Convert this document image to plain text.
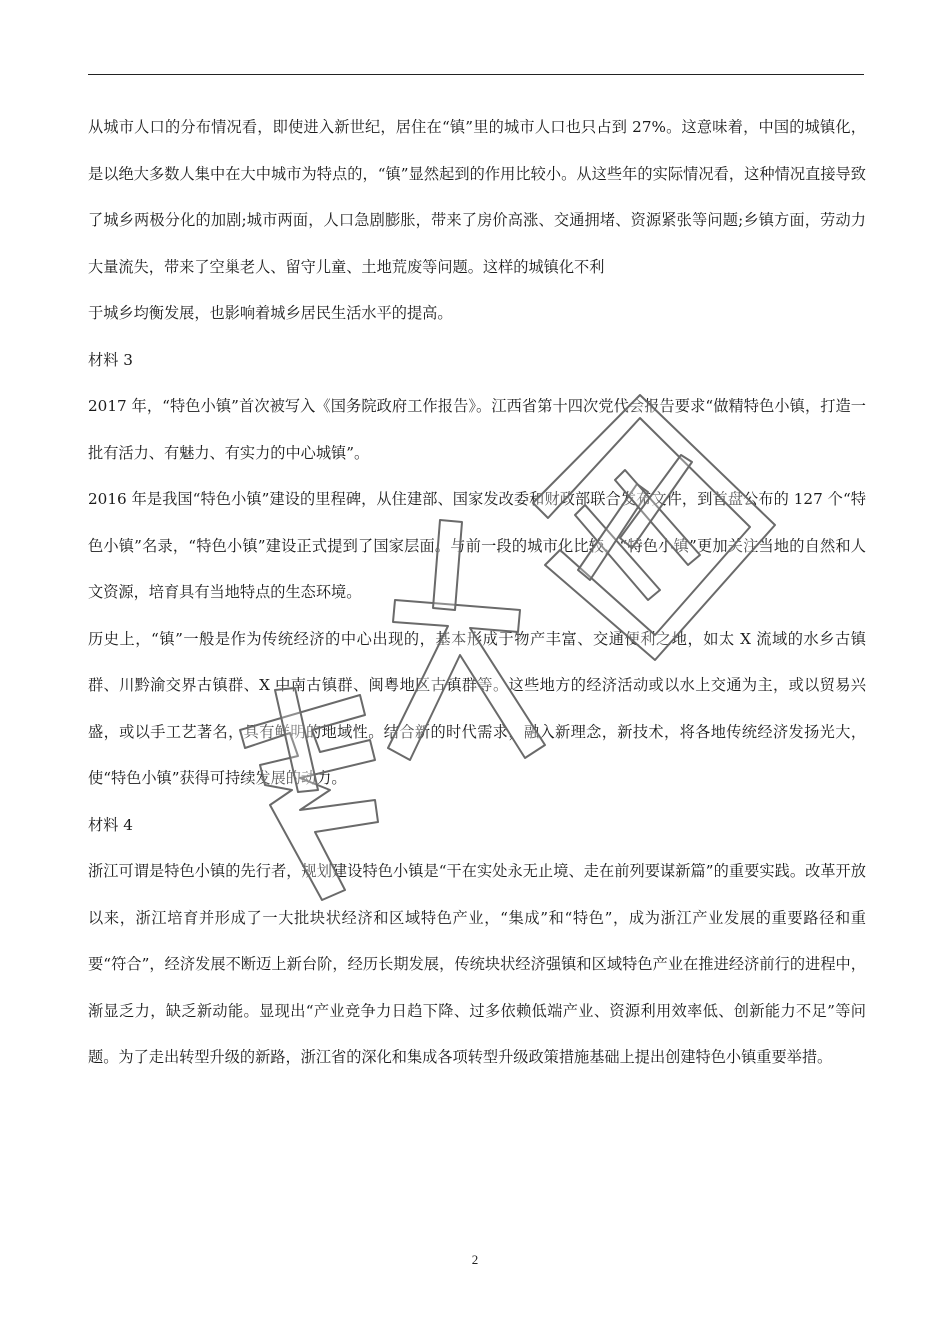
从城市人口的分布情况看，即使进入新世纪，居住在“镇”里的城市人口也只占到 27%。这意味着，中国的城镇化，是以绝大多数人集中在大中城市为特点的，“镇”显然起到的作用比较小。从这些年的实际情况看，这种情况直接导致了城乡两极分化的加剧;城市两面，人口急剧膨胀，带来了房价高涨、交通拥堵、资源紧张等问题;乡镇方面，劳动力大量流失，带来了空巢老人、留守儿童、土地荒废等问题。这样的城镇化不利

于城乡均衡发展，也影响着城乡居民生活水平的提高。

材料 3

2017 年，“特色小镇”首次被写入《国务院政府工作报告》。江西省第十四次党代会报告要求“做精特色小镇，打造一批有活力、有魅力、有实力的中心城镇”。

2016 年是我国“特色小镇”建设的里程碑，从住建部、国家发改委和财政部联合发布文件，到首盘公布的 127 个“特色小镇”名录，“特色小镇”建设正式提到了国家层面。与前一段的城市化比较，“特色小镇”更加关注当地的自然和人文资源，培育具有当地特点的生态环境。

历史上，“镇”一般是作为传统经济的中心出现的，基本形成于物产丰富、交通便利之地，如太 X 流域的水乡古镇群、川黔渝交界古镇群、X 中南古镇群、闽粤地区古镇群等。这些地方的经济活动或以水上交通为主，或以贸易兴盛，或以手工艺著名，具有鲜明的地域性。结合新的时代需求，融入新理念，新技术，将各地传统经济发扬光大，使“特色小镇”获得可持续发展的动力。

材料 4

浙江可谓是特色小镇的先行者，规划建设特色小镇是“干在实处永无止境、走在前列要谋新篇”的重要实践。改革开放以来，浙江培育并形成了一大批块状经济和区域特色产业，“集成”和“特色”，成为浙江产业发展的重要路径和重要“符合”，经济发展不断迈上新台阶，经历长期发展，传统块状经济强镇和区域特色产业在推进经济前行的进程中，渐显乏力，缺乏新动能。显现出“产业竞争力日趋下降、过多依赖低端产业、资源利用效率低、创新能力不足”等问题。为了走出转型升级的新路，浙江省的深化和集成各项转型升级政策措施基础上提出创建特色小镇重要举措。

2
